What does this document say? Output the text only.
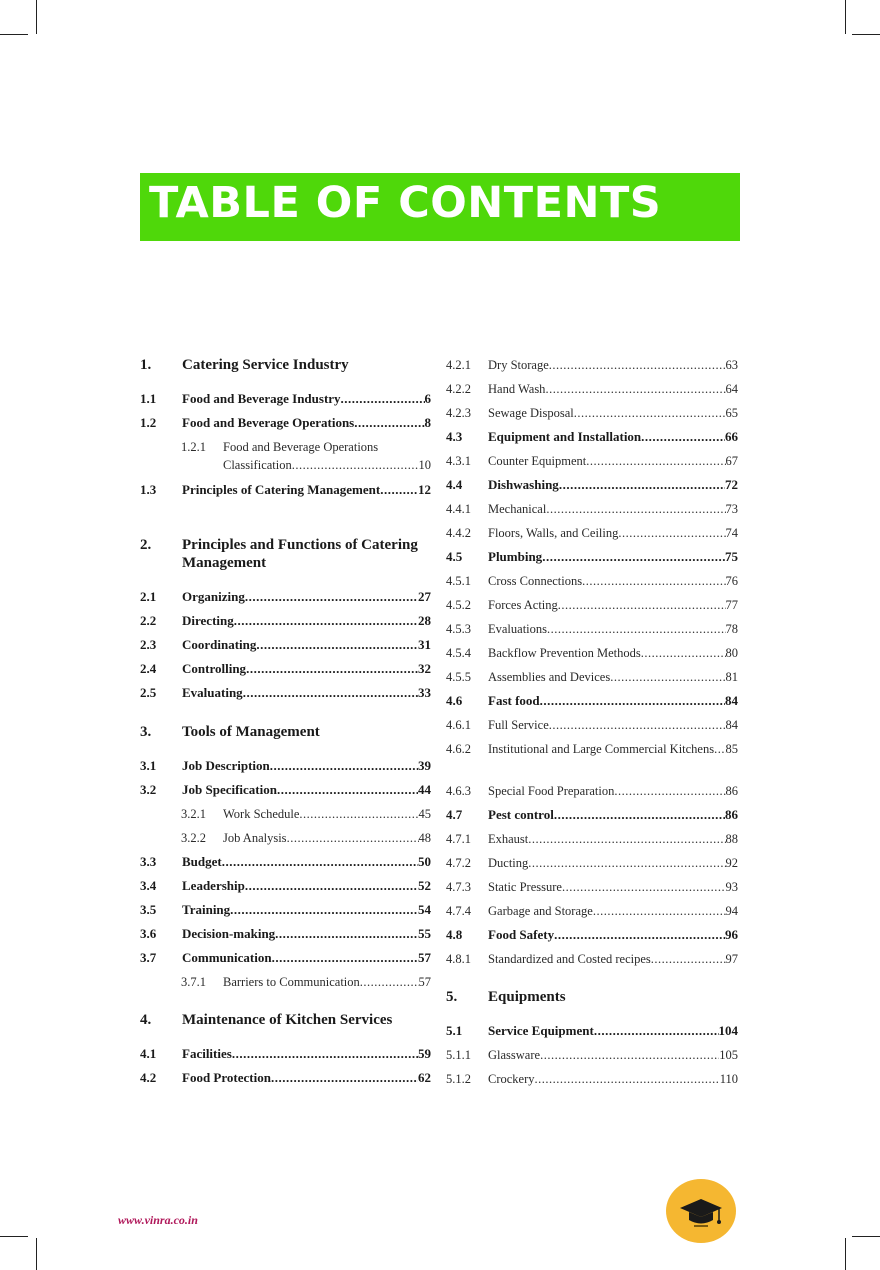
TABLE OF CONTENTS
1. Catering Service Industry
1.1 Food and Beverage Industry .....	6
1.2 Food and Beverage Operations .....	8
1.2.1 Food and Beverage Operations
Classification .....	10
1.3 Principles of Catering Management .....	12
2. Principles and Functions of Catering
Management
2.1 Organizing .....	27
2.2 Directing .....	28
2.3 Coordinating .....	31
2.4 Controlling .....	32
2.5 Evaluating .....	33
3. Tools of Management
3.1 Job Description .....	39
3.2 Job Specification .....	44
3.2.1 Work Schedule .....	45
3.2.2 Job Analysis .....	48
3.3 Budget .....	50
3.4 Leadership .....	52
3.5 Training .....	54
3.6 Decision-making .....	55
3.7 Communication .....	57
3.7.1 Barriers to Communication .....	57
4. Maintenance of Kitchen Services
4.1 Facilities .....	59
4.2 Food Protection .....	62
4.2.1 Dry Storage .....	63
4.2.2 Hand Wash .....	64
4.2.3 Sewage Disposal .....	65
4.3 Equipment and Installation .....	66
4.3.1 Counter Equipment .....	67
4.4 Dishwashing .....	72
4.4.1 Mechanical .....	73
4.4.2 Floors, Walls, and Ceiling .....	74
4.5 Plumbing .....	75
4.5.1 Cross Connections .....	76
4.5.2 Forces Acting .....	77
4.5.3 Evaluations .....	78
4.5.4 Backflow Prevention Methods .....	80
4.5.5 Assemblies and Devices .....	81
4.6 Fast food .....	84
4.6.1 Full Service .....	84
4.6.2 Institutional and Large Commercial Kitchens ..... 85
4.6.3 Special Food Preparation .....	86
4.7 Pest control .....	86
4.7.1 Exhaust .....	88
4.7.2 Ducting .....	92
4.7.3 Static Pressure .....	93
4.7.4 Garbage and Storage .....	94
4.8 Food Safety .....	96
4.8.1 Standardized and Costed recipes .....	97
5. Equipments
5.1 Service Equipment .....	104
5.1.1 Glassware .....	105
5.1.2 Crockery .....	110
www.vinra.co.in
